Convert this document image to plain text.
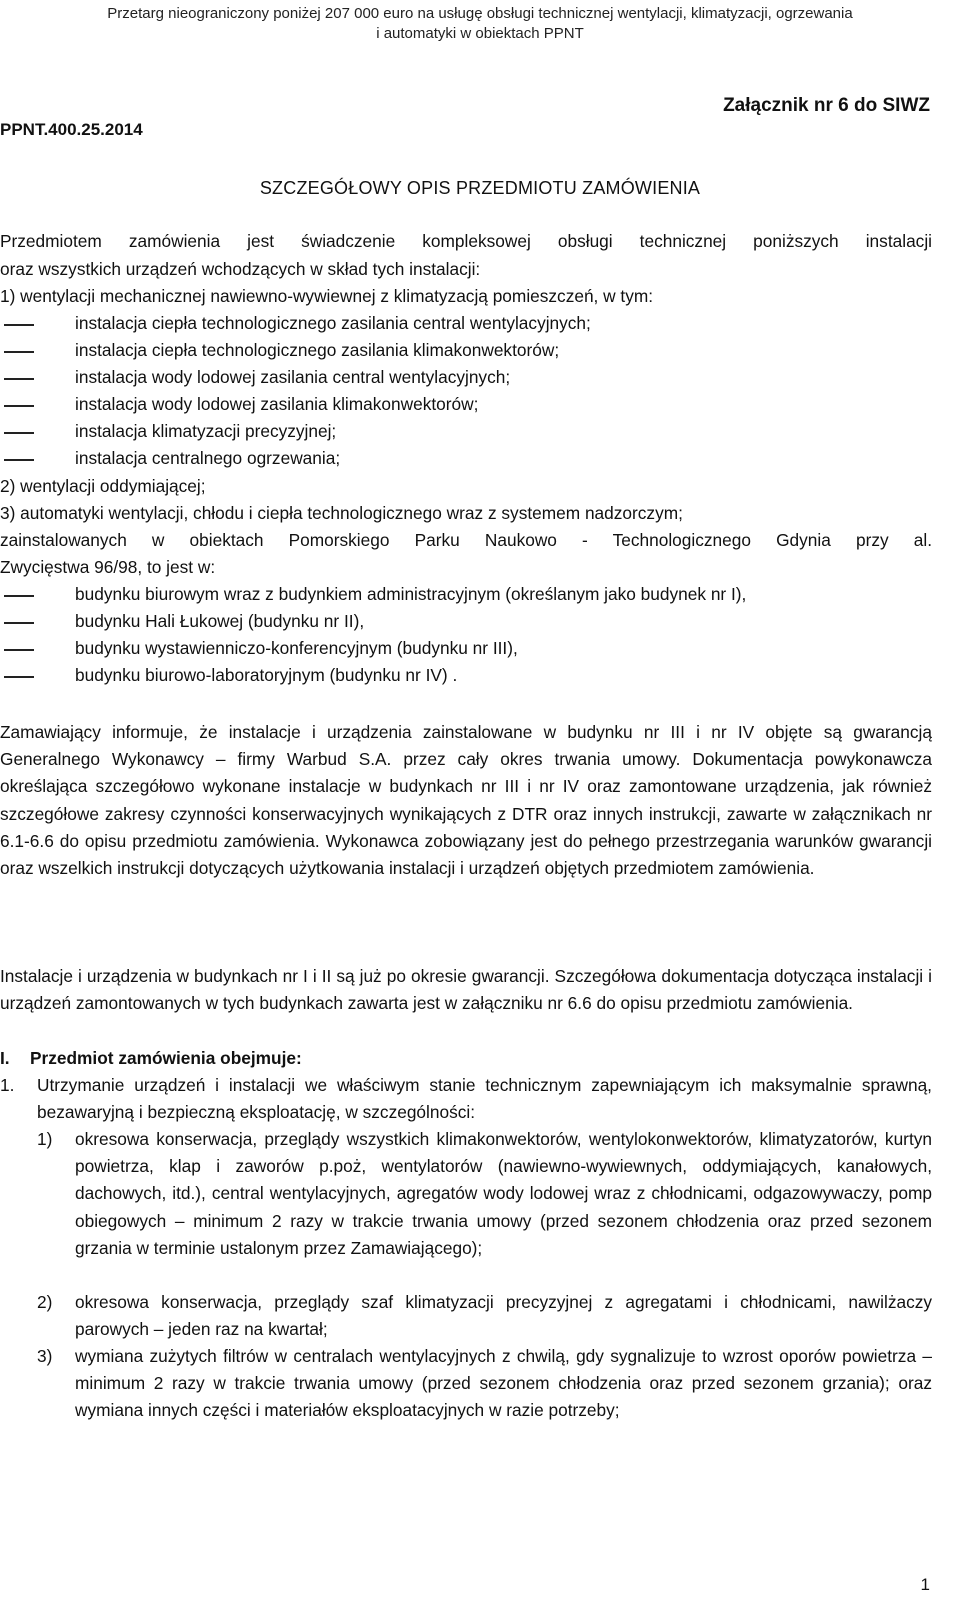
Przetarg nieograniczony poniżej 207 000 euro na usługę obsługi technicznej wentylacji, klimatyzacji, ogrzewania
i automatyki w obiektach PPNT
Załącznik nr 6 do SIWZ
PPNT.400.25.2014
SZCZEGÓŁOWY OPIS PRZEDMIOTU ZAMÓWIENIA
Przedmiotem zamówienia jest świadczenie kompleksowej obsługi technicznej poniższych instalacji
oraz wszystkich urządzeń wchodzących w skład tych instalacji:
1) wentylacji mechanicznej nawiewno-wywiewnej z klimatyzacją pomieszczeń, w tym:
instalacja ciepła technologicznego zasilania central wentylacyjnych;
instalacja ciepła technologicznego zasilania klimakonwektorów;
instalacja wody lodowej zasilania central wentylacyjnych;
instalacja wody lodowej zasilania klimakonwektorów;
instalacja klimatyzacji precyzyjnej;
instalacja centralnego ogrzewania;
2) wentylacji oddymiającej;
3) automatyki wentylacji, chłodu i ciepła technologicznego wraz z systemem nadzorczym;
zainstalowanych w obiektach Pomorskiego Parku Naukowo - Technologicznego Gdynia przy al.
Zwycięstwa 96/98, to jest w:
budynku biurowym wraz z budynkiem administracyjnym (określanym jako budynek nr I),
budynku Hali Łukowej (budynku nr II),
budynku wystawienniczo-konferencyjnym (budynku nr III),
budynku biurowo-laboratoryjnym (budynku nr IV) .
Zamawiający informuje, że instalacje i urządzenia zainstalowane w budynku nr III i nr IV objęte są gwarancją Generalnego Wykonawcy – firmy Warbud S.A. przez cały okres trwania umowy. Dokumentacja powykonawcza określająca szczegółowo wykonane instalacje w budynkach nr III i nr IV oraz zamontowane urządzenia, jak również szczegółowe zakresy czynności konserwacyjnych wynikających z DTR oraz innych instrukcji, zawarte w załącznikach nr 6.1-6.6 do opisu przedmiotu zamówienia. Wykonawca zobowiązany jest do pełnego przestrzegania warunków gwarancji oraz wszelkich instrukcji dotyczących użytkowania instalacji i urządzeń objętych przedmiotem zamówienia.
Instalacje i urządzenia w budynkach nr I i II są już po okresie gwarancji. Szczegółowa dokumentacja dotycząca instalacji i urządzeń zamontowanych w tych budynkach zawarta jest w załączniku nr 6.6 do opisu przedmiotu zamówienia.
I. Przedmiot zamówienia obejmuje:
1. Utrzymanie urządzeń i instalacji we właściwym stanie technicznym zapewniającym ich maksymalnie sprawną, bezawaryjną i bezpieczną eksploatację, w szczególności:
1) okresowa konserwacja, przeglądy wszystkich klimakonwektorów, wentylokonwektorów, klimatyzatorów, kurtyn powietrza, klap i zaworów p.poż, wentylatorów (nawiewno-wywiewnych, oddymiających, kanałowych, dachowych, itd.), central wentylacyjnych, agregatów wody lodowej wraz z chłodnicami, odgazowywaczy, pomp obiegowych – minimum 2 razy w trakcie trwania umowy (przed sezonem chłodzenia oraz przed sezonem grzania w terminie ustalonym przez Zamawiającego);
2) okresowa konserwacja, przeglądy szaf klimatyzacji precyzyjnej z agregatami i chłodnicami, nawilżaczy parowych – jeden raz na kwartał;
3) wymiana zużytych filtrów w centralach wentylacyjnych z chwilą, gdy sygnalizuje to wzrost oporów powietrza – minimum 2 razy w trakcie trwania umowy (przed sezonem chłodzenia oraz przed sezonem grzania); oraz wymiana innych części i materiałów eksploatacyjnych w razie potrzeby;
1
